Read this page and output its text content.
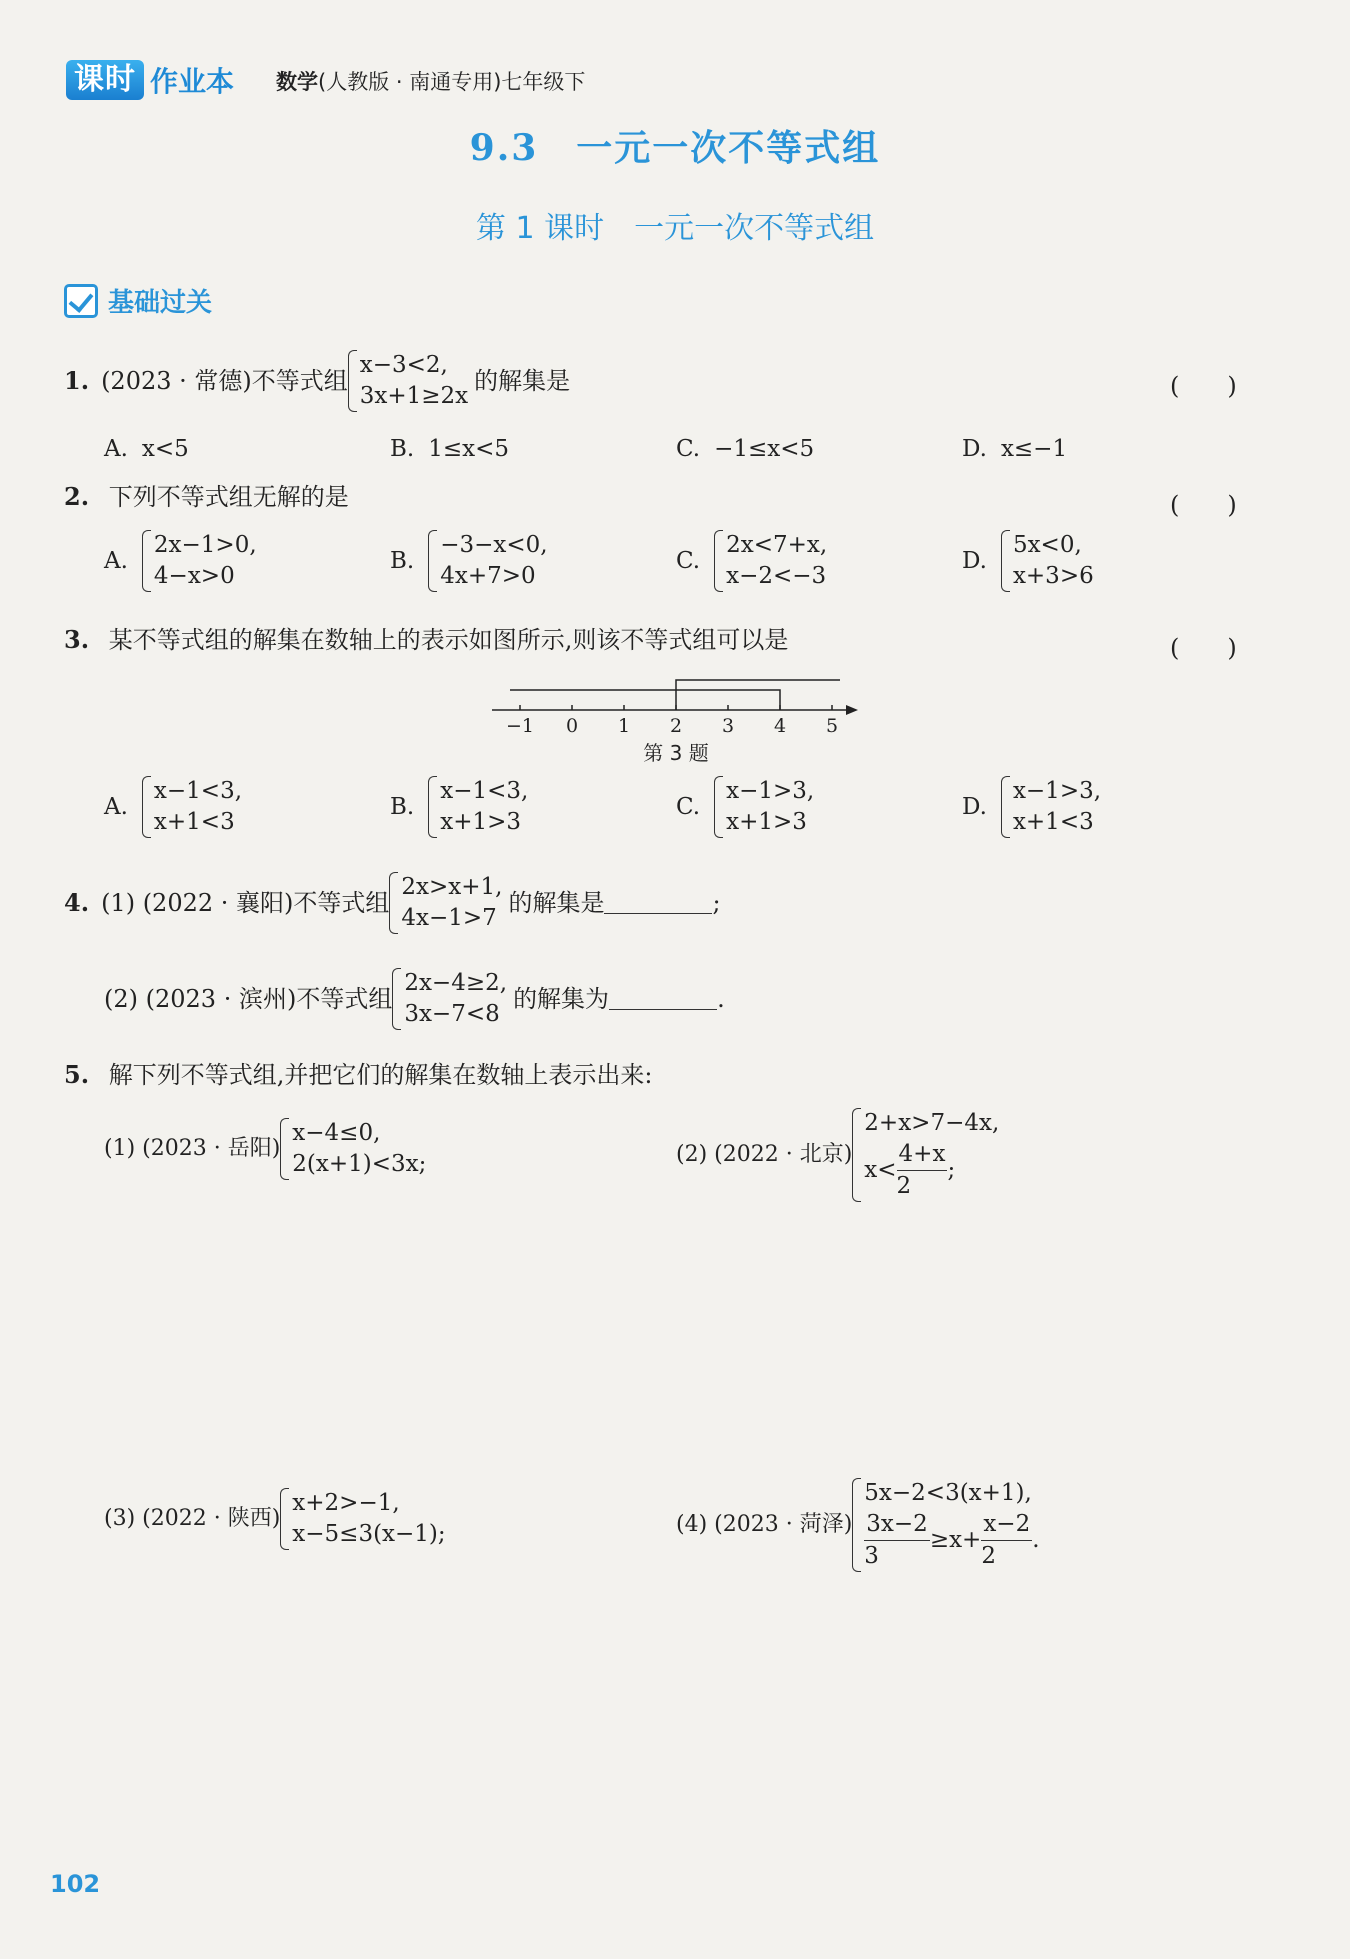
课时 作业本 数学(人教版 · 南通专用)七年级下
9.3　一元一次不等式组
第 1 课时　一元一次不等式组
基础过关
1. (2023 · 常德)不等式组
x−3<2,
3x+1≥2x
的解集是	(　　)
A. x<5	B. 1≤x<5	C. −1≤x<5	D. x≤−1
2. 下列不等式组无解的是	(　　)
A.
2x−1>0,
4−x>0
B.
−3−x<0,
4x+7>0
C.
2x<7+x,
x−2<−3
D.
5x<0,
x+3>6
3. 某不等式组的解集在数轴上的表示如图所示,则该不等式组可以是	(　　)
−1 0 1 2 3 4 5
第 3 题
A.
x−1<3,
x+1<3
B.
x−1<3,
x+1>3
C.
x−1>3,
x+1>3
D.
x−1>3,
x+1<3
4. (1) (2022 · 襄阳)不等式组
2x>x+1,
4x−1>7
的解集是	;
(2) (2023 · 滨州)不等式组
2x−4≥2,
3x−7<8
的解集为	.
5. 解下列不等式组,并把它们的解集在数轴上表示出来:
(1) (2023 · 岳阳)
x−4≤0,
2(x+1)<3x;	(2) (2022 · 北京)
2+x>7−4x,
$x< \frac{4+x}{2}$ ;
(3) (2022 · 陕西)
x+2>−1,
x−5≤3(x−1);	(4) (2023 · 菏泽)
5x−2<3(x+1),
$\frac{3x-2}{3} \ge x+ \frac{x-2}{2}$ .
102
